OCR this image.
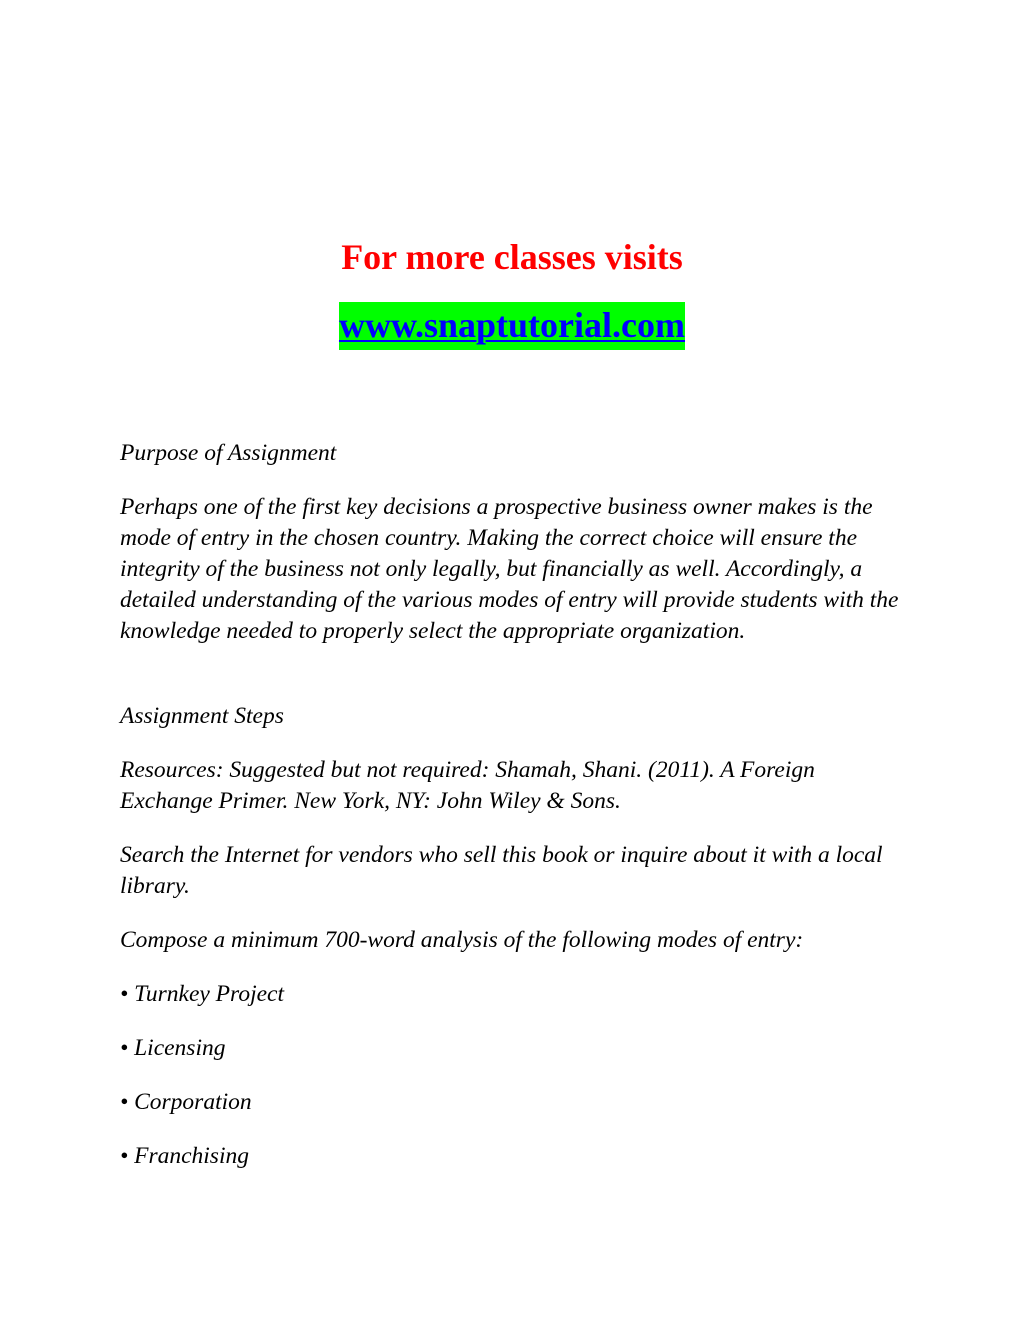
For more classes visits
www.snaptutorial.com

Purpose of Assignment

Perhaps one of the first key decisions a prospective business owner makes is the mode of entry in the chosen country. Making the correct choice will ensure the integrity of the business not only legally, but financially as well. Accordingly, a detailed understanding of the various modes of entry will provide students with the knowledge needed to properly select the appropriate organization.

Assignment Steps

Resources: Suggested but not required: Shamah, Shani. (2011). A Foreign Exchange Primer. New York, NY: John Wiley & Sons.

Search the Internet for vendors who sell this book or inquire about it with a local library.

Compose a minimum 700-word analysis of the following modes of entry:

• Turnkey Project

• Licensing

• Corporation

• Franchising
